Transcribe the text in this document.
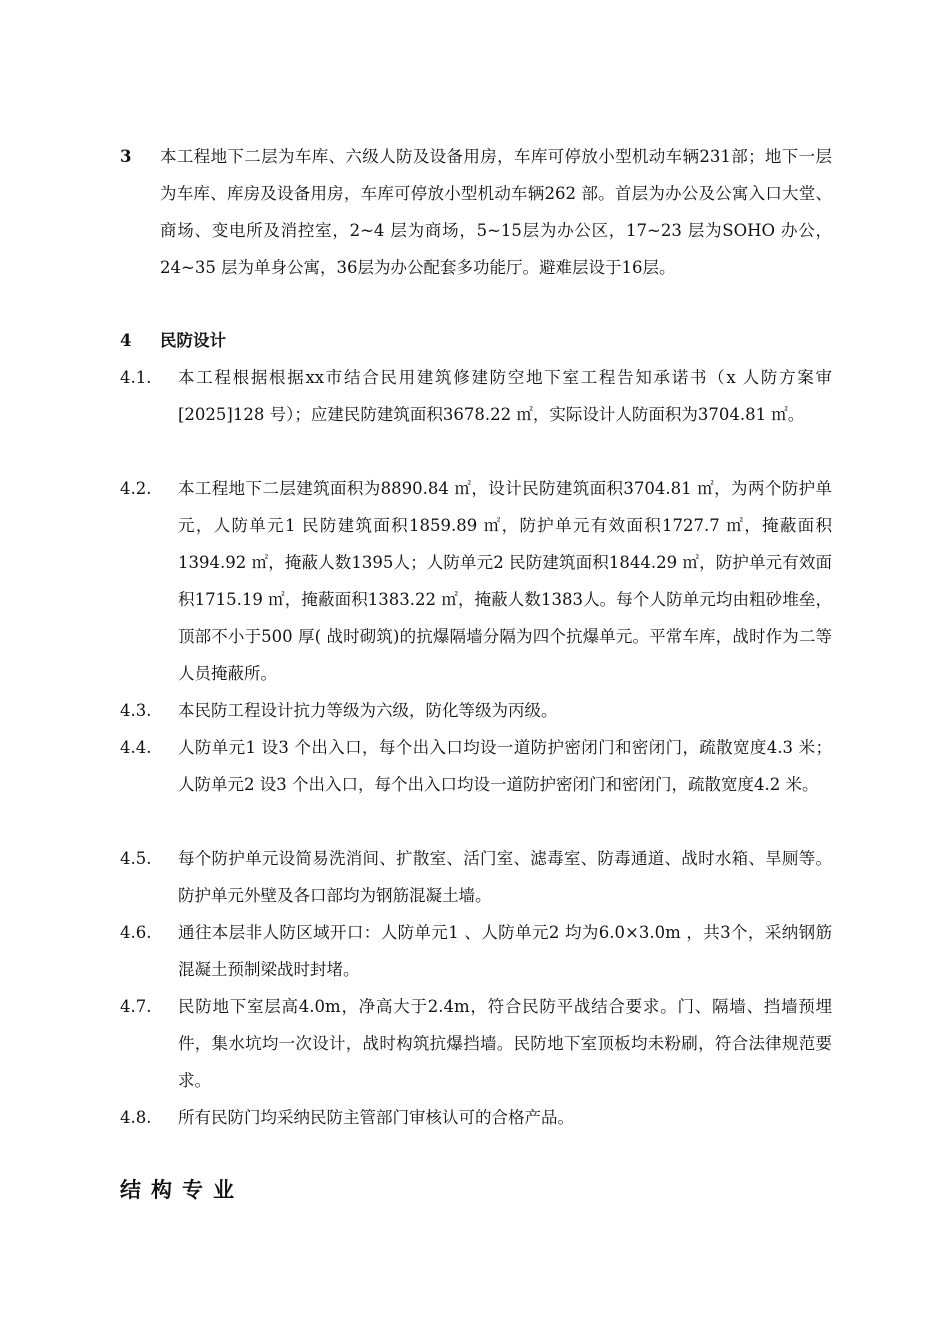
3 本工程地下二层为车库、六级人防及设备用房，车库可停放小型机动车辆231部；地下一层为车库、库房及设备用房，车库可停放小型机动车辆262 部。首层为办公及公寓入口大堂、商场、变电所及消控室，2~4 层为商场，5~15层为办公区，17~23 层为SOHO 办公，24~35 层为单身公寓，36层为办公配套多功能厅。避难层设于16层。
4 民防设计
4.1. 本工程根据根据xx市结合民用建筑修建防空地下室工程告知承诺书（x 人防方案审[2025]128 号）；应建民防建筑面积3678.22 ㎡，实际设计人防面积为3704.81 ㎡。
4.2. 本工程地下二层建筑面积为8890.84 ㎡，设计民防建筑面积3704.81 ㎡，为两个防护单元，人防单元1 民防建筑面积1859.89 ㎡，防护单元有效面积1727.7 ㎡，掩蔽面积1394.92 ㎡，掩蔽人数1395人；人防单元2 民防建筑面积1844.29 ㎡，防护单元有效面积1715.19 ㎡，掩蔽面积1383.22 ㎡，掩蔽人数1383人。每个人防单元均由粗砂堆垒，顶部不小于500 厚( 战时砌筑)的抗爆隔墙分隔为四个抗爆单元。平常车库，战时作为二等人员掩蔽所。
4.3. 本民防工程设计抗力等级为六级，防化等级为丙级。
4.4. 人防单元1 设3 个出入口，每个出入口均设一道防护密闭门和密闭门，疏散宽度4.3 米；人防单元2 设3 个出入口，每个出入口均设一道防护密闭门和密闭门，疏散宽度4.2 米。
4.5. 每个防护单元设简易洗消间、扩散室、活门室、滤毒室、防毒通道、战时水箱、旱厕等。防护单元外壁及各口部均为钢筋混凝土墙。
4.6. 通往本层非人防区域开口：人防单元1 、人防单元2 均为6.0×3.0m ，共3个，采纳钢筋混凝土预制梁战时封堵。
4.7. 民防地下室层高4.0m，净高大于2.4m，符合民防平战结合要求。门、隔墙、挡墙预埋件，集水坑均一次设计，战时构筑抗爆挡墙。民防地下室顶板均未粉刷，符合法律规范要求。
4.8. 所有民防门均采纳民防主管部门审核认可的合格产品。
结构专业
